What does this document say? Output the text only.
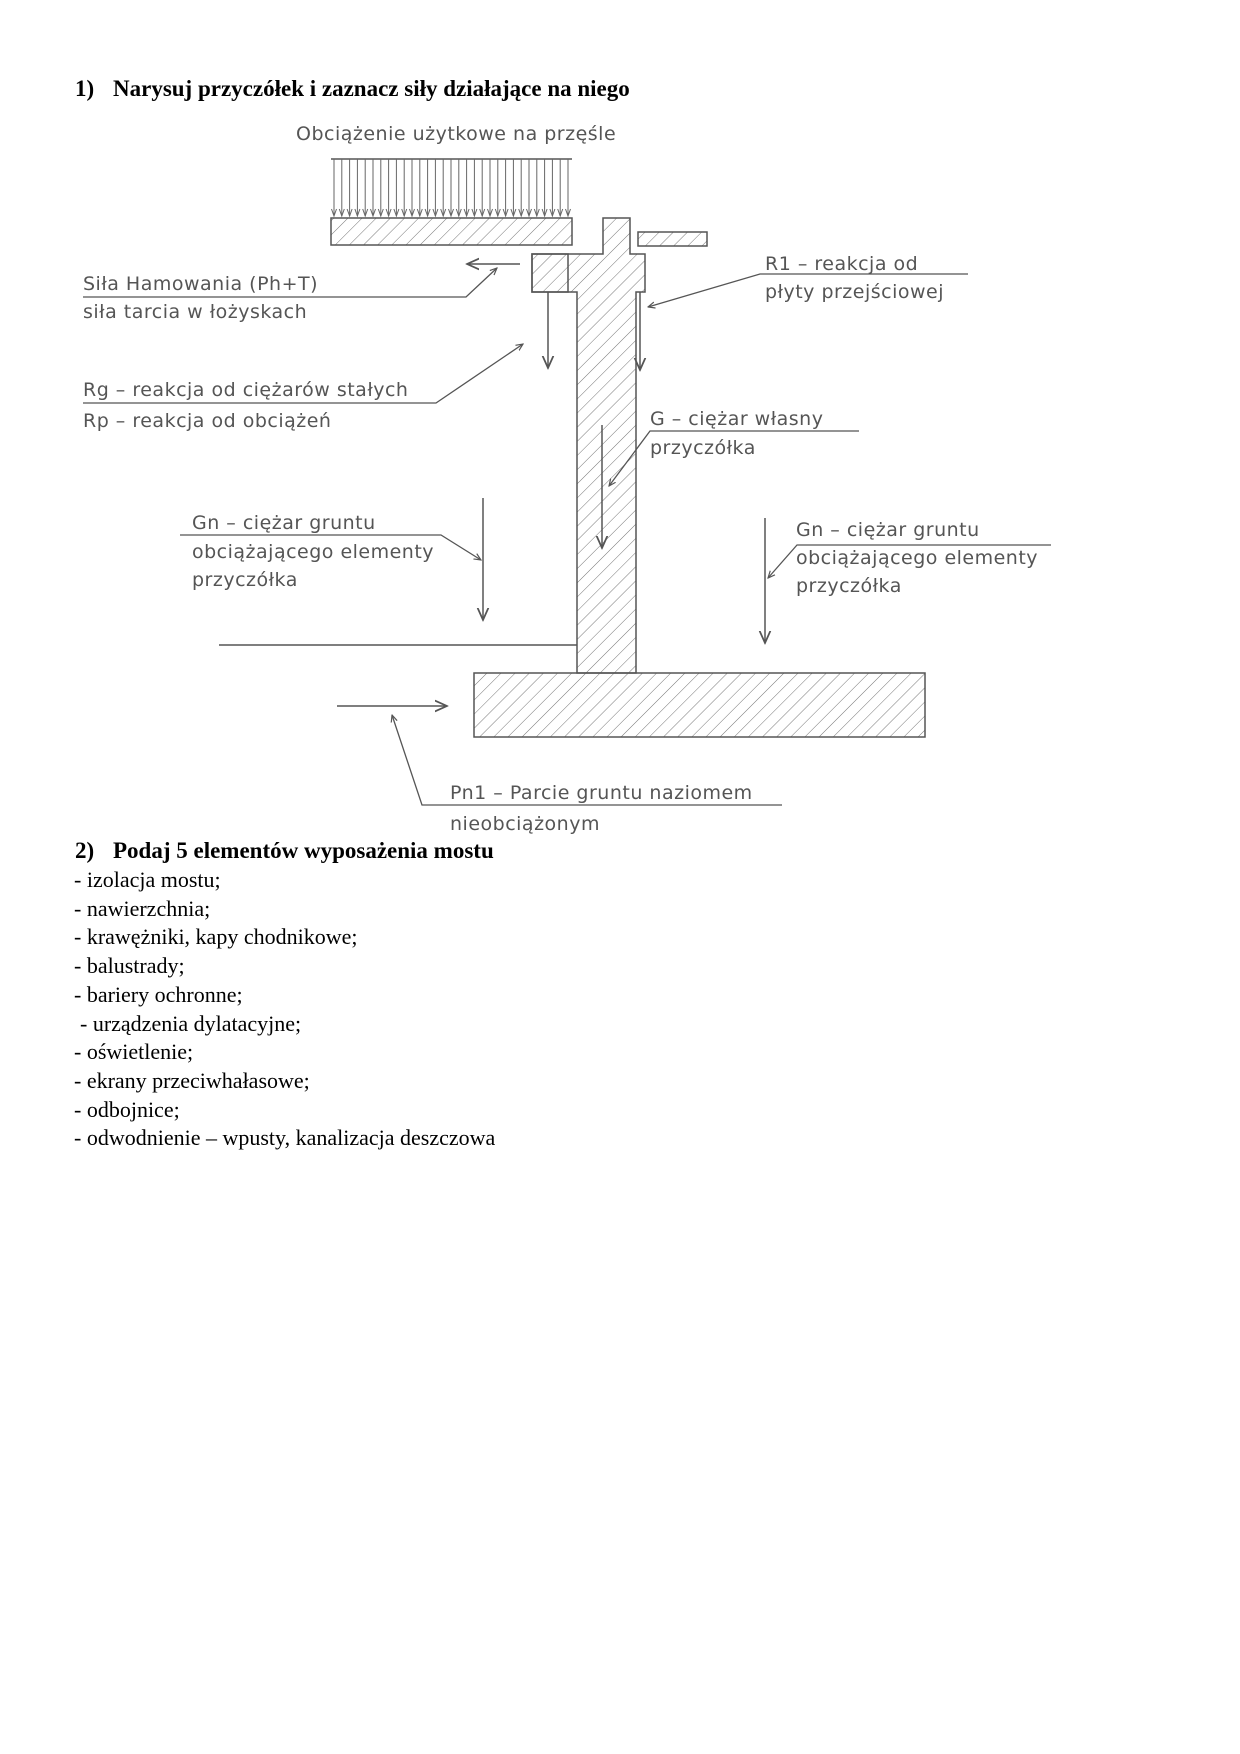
1) Narysuj przyczółek i zaznacz siły działające na niego
Obciążenie użytkowe na przęśle
Siła Hamowania (Ph+T)
siła tarcia w łożyskach
R1 – reakcja od
płyty przejściowej
Rg – reakcja od ciężarów stałych
Rp – reakcja od obciążeń	G – ciężar własny
przyczółka
Gn – ciężar gruntu
obciążającego elementy
przyczółka
Gn – ciężar gruntu
obciążającego elementy
przyczółka
Pn1 – Parcie gruntu naziomem
nieobciążonym
2) Podaj 5 elementów wyposażenia mostu
- izolacja mostu;
- nawierzchnia;
- krawężniki, kapy chodnikowe;
- balustrady;
- bariery ochronne;
- urządzenia dylatacyjne;
- oświetlenie;
- ekrany przeciwhałasowe;
- odbojnice;
- odwodnienie – wpusty, kanalizacja deszczowa
